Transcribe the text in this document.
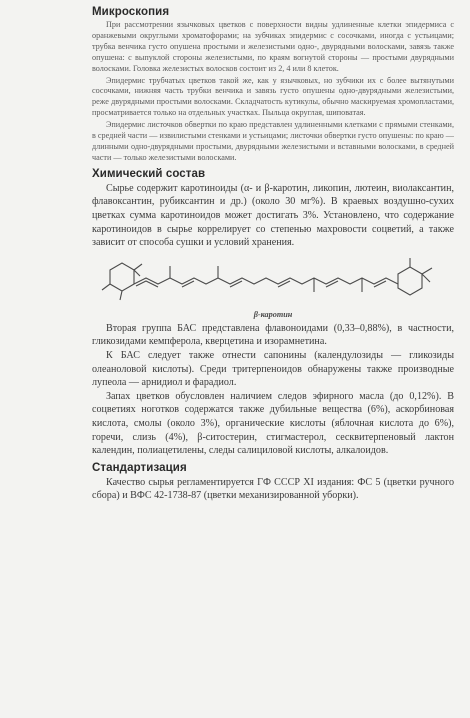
Микроскопия

При рассмотрении язычковых цветков с поверхности видны удлиненные клетки эпидермиса с оранжевыми округлыми хроматофорами; на зубчиках эпидермис с сосочками, иногда с устьицами; трубка венчика густо опушена простыми и железистыми одно-, двурядными волосками, завязь также опушена: с выпуклой стороны железистыми, по краям вогнутой стороны — простыми двурядными волосками. Головка железистых волосков состоит из 2, 4 или 8 клеток.

Эпидермис трубчатых цветков такой же, как у язычковых, но зубчики их с более вытянутыми сосочками, нижняя часть трубки венчика и завязь густо опушены одно-двурядными железистыми, реже двурядными простыми волосками. Складчатость кутикулы, обычно маскируемая хромопластами, просматривается только на отдельных участках. Пыльца округлая, шиповатая.

Эпидермис листочков обвертки по краю представлен удлиненными клетками с прямыми стенками, в средней части — извилистыми стенками и устьицами; листочки обвертки густо опушены: по краю — длинными одно-двурядными простыми, двурядными железистыми и вставными волосками, в средней части — только железистыми волосками.

Химический состав

Сырье содержит каротиноиды (α- и β-каротин, ликопин, лютеин, виолаксантин, флавоксантин, рубиксантин и др.) (около 30 мг%). В краевых воздушно-сухих цветках сумма каротиноидов может достигать 3%. Установлено, что содержание каротиноидов в сырье коррелирует со степенью махровости соцветий, а также зависит от способа сушки и условий хранения.

β-каротин

Вторая группа БАС представлена флавоноидами (0,33–0,88%), в частности, гликозидами кемпферола, кверцетина и изорамнетина.

К БАС следует также отнести сапонины (календулозиды — гликозиды олеаноловой кислоты). Среди тритерпеноидов обнаружены также производные лупеола — арнидиол и фарадиол.

Запах цветков обусловлен наличием следов эфирного масла (до 0,12%). В соцветиях ноготков содержатся также дубильные вещества (6%), аскорбиновая кислота, смолы (около 3%), органические кислоты (яблочная кислота до 6%), горечи, слизь (4%), β-ситостерин, стигмастерол, сесквитерпеновый лактон календин, полиацетилены, следы салициловой кислоты, алкалоидов.

Стандартизация

Качество сырья регламентируется ГФ СССР XI издания: ФС 5 (цветки ручного сбора) и ВФС 42-1738-87 (цветки механизированной уборки).
